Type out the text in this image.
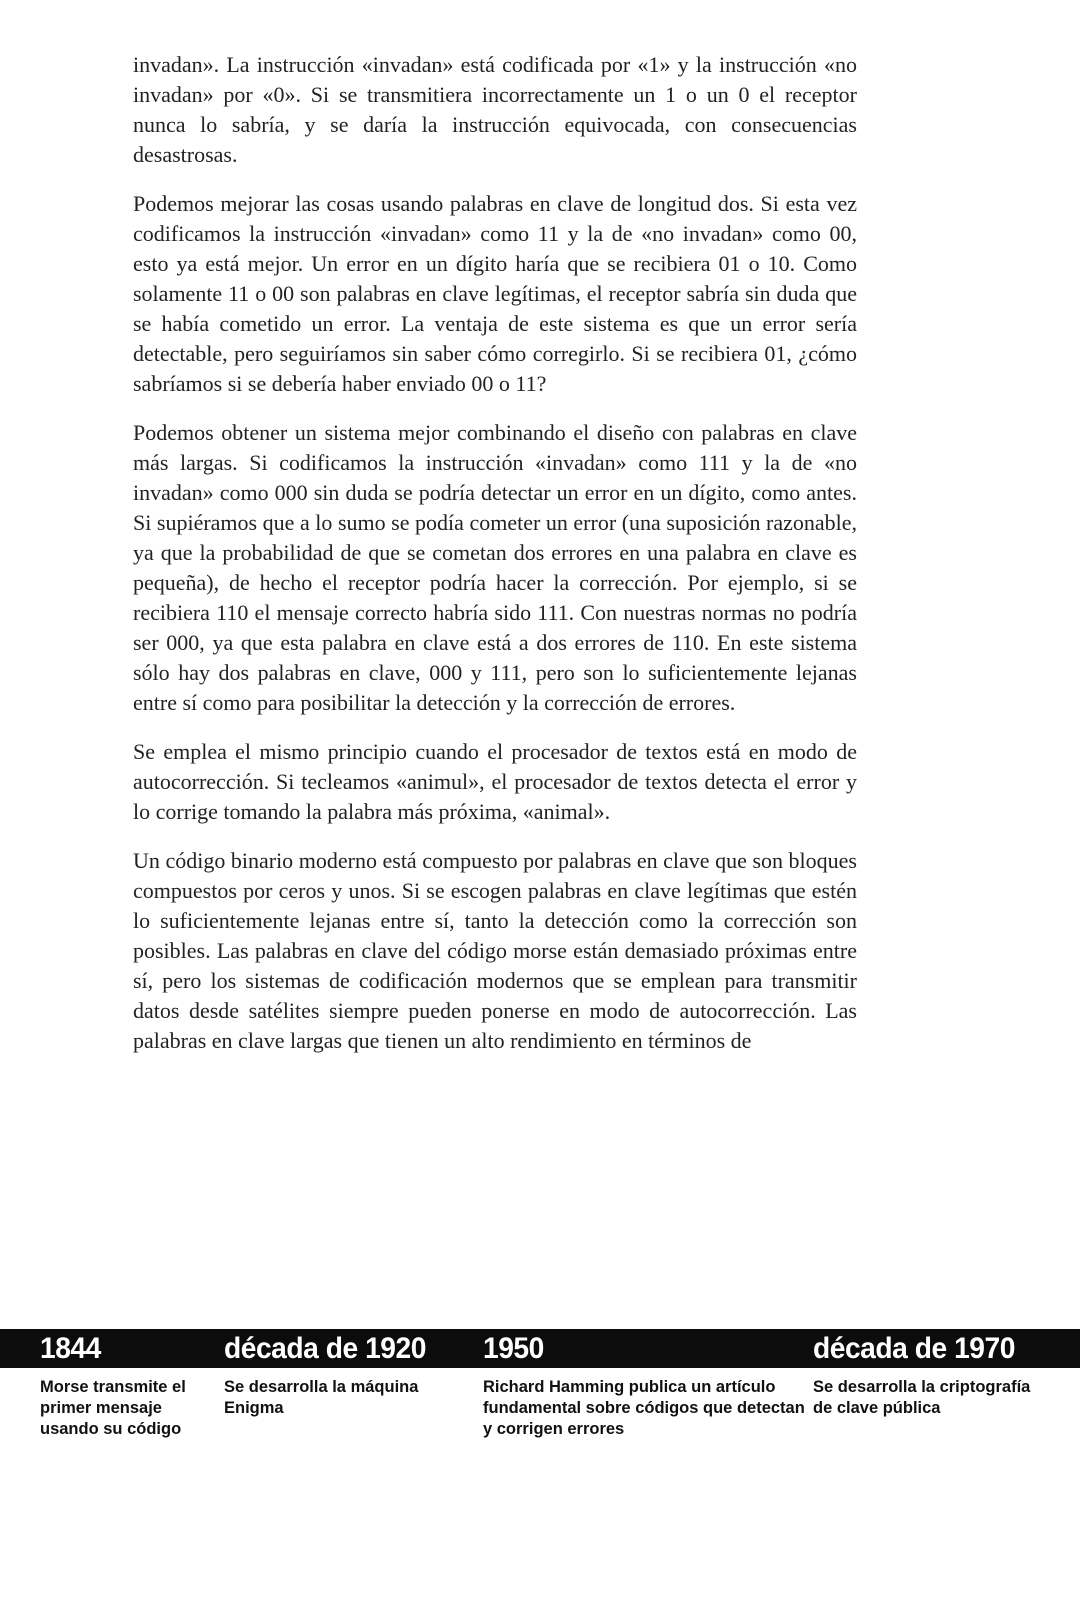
invadan». La instrucción «invadan» está codificada por «1» y la instrucción «no invadan» por «0». Si se transmitiera incorrectamente un 1 o un 0 el receptor nunca lo sabría, y se daría la instrucción equivocada, con consecuencias desastrosas.

Podemos mejorar las cosas usando palabras en clave de longitud dos. Si esta vez codificamos la instrucción «invadan» como 11 y la de «no invadan» como 00, esto ya está mejor. Un error en un dígito haría que se recibiera 01 o 10. Como solamente 11 o 00 son palabras en clave legítimas, el receptor sabría sin duda que se había cometido un error. La ventaja de este sistema es que un error sería detectable, pero seguiríamos sin saber cómo corregirlo. Si se recibiera 01, ¿cómo sabríamos si se debería haber enviado 00 o 11?

Podemos obtener un sistema mejor combinando el diseño con palabras en clave más largas. Si codificamos la instrucción «invadan» como 111 y la de «no invadan» como 000 sin duda se podría detectar un error en un dígito, como antes. Si supiéramos que a lo sumo se podía cometer un error (una suposición razonable, ya que la probabilidad de que se cometan dos errores en una palabra en clave es pequeña), de hecho el receptor podría hacer la corrección. Por ejemplo, si se recibiera 110 el mensaje correcto habría sido 111. Con nuestras normas no podría ser 000, ya que esta palabra en clave está a dos errores de 110. En este sistema sólo hay dos palabras en clave, 000 y 111, pero son lo suficientemente lejanas entre sí como para posibilitar la detección y la corrección de errores.

Se emplea el mismo principio cuando el procesador de textos está en modo de autocorrección. Si tecleamos «animul», el procesador de textos detecta el error y lo corrige tomando la palabra más próxima, «animal».

Un código binario moderno está compuesto por palabras en clave que son bloques compuestos por ceros y unos. Si se escogen palabras en clave legítimas que estén lo suficientemente lejanas entre sí, tanto la detección como la corrección son posibles. Las palabras en clave del código morse están demasiado próximas entre sí, pero los sistemas de codificación modernos que se emplean para transmitir datos desde satélites siempre pueden ponerse en modo de autocorrección. Las palabras en clave largas que tienen un alto rendimiento en términos de

1844	década de 1920 1950	década de 1970
Morse transmite el primer mensaje usando su código
Se desarrolla la máquina Enigma
Richard Hamming publica un artículo fundamental sobre códigos que detectan y corrigen errores
Se desarrolla la criptografía de clave pública
